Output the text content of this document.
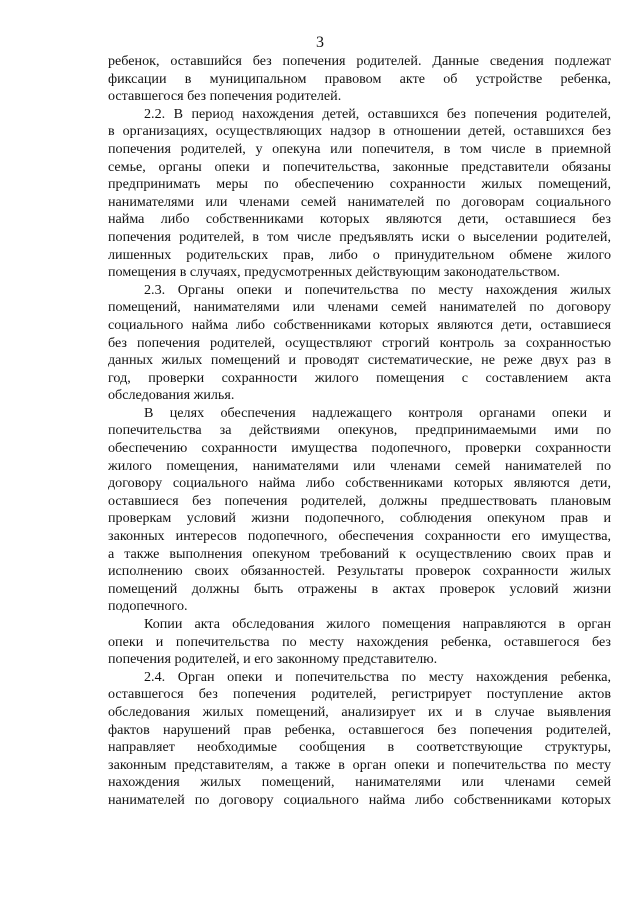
3
ребенок, оставшийся без попечения родителей. Данные сведения подлежат
фиксации в муниципальном правовом акте об устройстве ребенка,
оставшегося без попечения родителей.
2.2. В период нахождения детей, оставшихся без попечения родителей,
в организациях, осуществляющих надзор в отношении детей, оставшихся без
попечения родителей, у опекуна или попечителя, в том числе в приемной
семье, органы опеки и попечительства, законные представители обязаны
предпринимать меры по обеспечению сохранности жилых помещений,
нанимателями или членами семей нанимателей по договорам социального
найма либо собственниками которых являются дети, оставшиеся без
попечения родителей, в том числе предъявлять иски о выселении родителей,
лишенных родительских прав, либо о принудительном обмене жилого
помещения в случаях, предусмотренных действующим законодательством.
2.3. Органы опеки и попечительства по месту нахождения жилых
помещений, нанимателями или членами семей нанимателей по договору
социального найма либо собственниками которых являются дети, оставшиеся
без попечения родителей, осуществляют строгий контроль за сохранностью
данных жилых помещений и проводят систематические, не реже двух раз в
год, проверки сохранности жилого помещения с составлением акта
обследования жилья.
В целях обеспечения надлежащего контроля органами опеки и
попечительства за действиями опекунов, предпринимаемыми ими по
обеспечению сохранности имущества подопечного, проверки сохранности
жилого помещения, нанимателями или членами семей нанимателей по
договору социального найма либо собственниками которых являются дети,
оставшиеся без попечения родителей, должны предшествовать плановым
проверкам условий жизни подопечного, соблюдения опекуном прав и
законных интересов подопечного, обеспечения сохранности его имущества,
а также выполнения опекуном требований к осуществлению своих прав и
исполнению своих обязанностей. Результаты проверок сохранности жилых
помещений должны быть отражены в актах проверок условий жизни
подопечного.
Копии акта обследования жилого помещения направляются в орган
опеки и попечительства по месту нахождения ребенка, оставшегося без
попечения родителей, и его законному представителю.
2.4. Орган опеки и попечительства по месту нахождения ребенка,
оставшегося без попечения родителей, регистрирует поступление актов
обследования жилых помещений, анализирует их и в случае выявления
фактов нарушений прав ребенка, оставшегося без попечения родителей,
направляет необходимые сообщения в соответствующие структуры,
законным представителям, а также в орган опеки и попечительства по месту
нахождения жилых помещений, нанимателями или членами семей
нанимателей по договору социального найма либо собственниками которых
